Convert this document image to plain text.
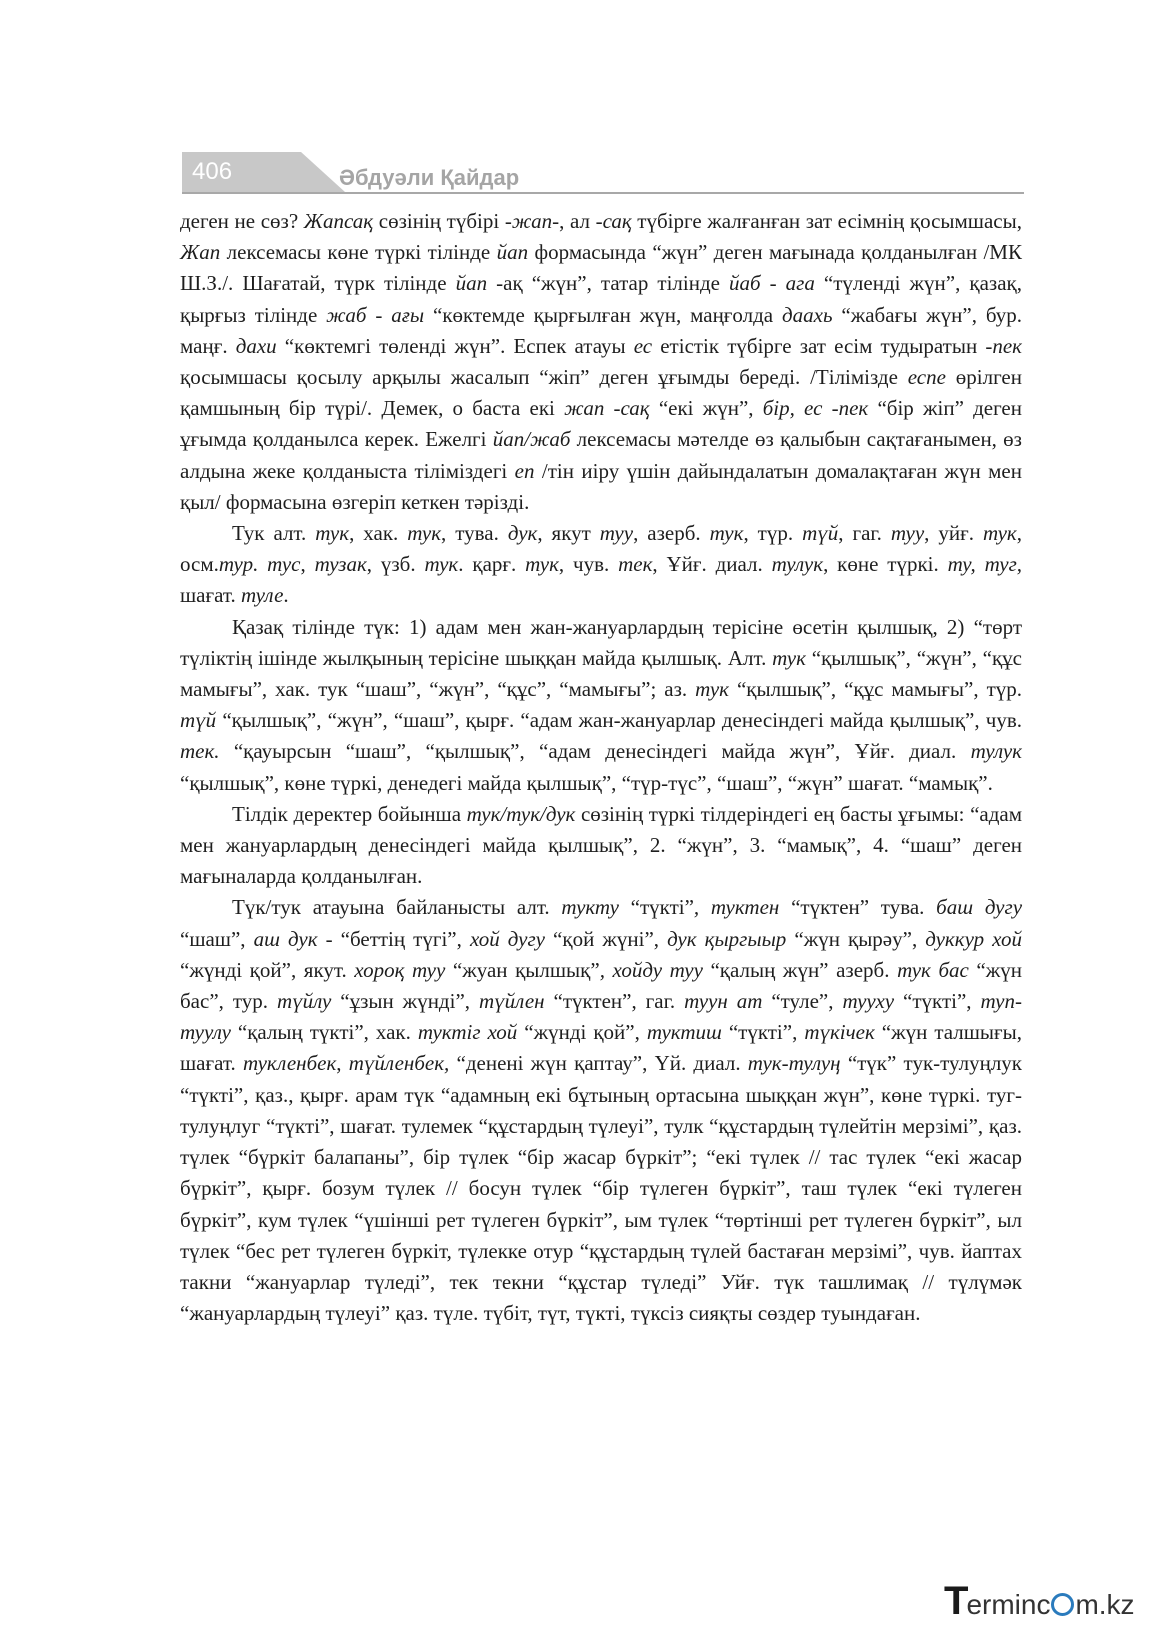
406	Әбдуәли Қайдар

деген не сөз? Жапсақ сөзінің түбірі -жап-, ал -сақ түбірге жалғанған зат есімнің қосымшасы, Жап лексемасы көне түркі тілінде йап формасында “жүн” деген мағынада қолданылған /МК Ш.З./. Шағатай, түрк тілінде йап -ақ “жүн”, татар тілінде йаб - ага “түленді жүн”, қазақ, қырғыз тілінде жаб - ағы “көктемде қырғылған жүн, маңғолда даахь “жабағы жүн”, бур. маңғ. дахи “көктемгі төленді жүн”. Еспек атауы ес етістік түбірге зат есім тудыратын -пек қосымшасы қосылу арқылы жасалып “жіп” деген ұғымды береді. /Тілімізде еспе өрілген қамшының бір түрі/. Демек, о баста екі жап -сақ “екі жүн”, бір, ес -пек “бір жіп” деген ұғымда қолданылса керек. Ежелгі йап/жаб лексемасы мәтелде өз қалыбын сақтағанымен, өз алдына жеке қолданыста тіліміздегі еп /тін иіру үшін дайындалатын домалақтаған жүн мен қыл/ формасына өзгеріп кеткен тәрізді.

Тук алт. тук, хак. тук, тува. дук, якут туу, азерб. тук, түр. түй, гаг. туу, уйғ. тук, осм.тур. тус, тузак, үзб. тук. қарғ. тук, чув. тек, Ұйғ. диал. тулук, көне түркі. ту, туг, шағат. туле.

Қазақ тілінде түк: 1) адам мен жан-жануарлардың терісіне өсетін қылшық, 2) “төрт түліктің ішінде жылқының терісіне шыққан майда қылшық. Алт. тук “қылшық”, “жүн”, “құс мамығы”, хак. тук “шаш”, “жүн”, “құс”, “мамығы”; аз. тук “қылшық”, “құс мамығы”, түр. түй “қылшық”, “жүн”, “шаш”, қырғ. “адам жан-жануарлар денесіндегі майда қылшық”, чув. тек. “қауырсын “шаш”, “қылшық”, “адам денесіндегі майда жүн”, Ұйғ. диал. тулук “қылшық”, көне түркі, денедегі майда қылшық”, “түр-түс”, “шаш”, “жүн” шағат. “мамық”.

Тілдік деректер бойынша тук/тук/дук сөзінің түркі тілдеріндегі ең басты ұғымы: “адам мен жануарлардың денесіндегі майда қылшық”, 2. “жүн”, 3. “мамық”, 4. “шаш” деген мағыналарда қолданылған.

Түк/тук атауына байланысты алт. тукту “түкті”, туктен “түктен” тува. баш дугу “шаш”, аш дук - “беттің түгі”, хой дугу “қой жүні”, дук қыргыыр “жүн қырәу”, дуккур хой “жүнді қой”, якут. хороқ туу “жуан қылшық”, хойду туу “қалың жүн” азерб. тук бас “жүн бас”, тур. түйлу “ұзын жүнді”, түйлен “түктен”, гаг. туун ат “туле”, тууху “түкті”, туп-туулу “қалың түкті”, хак. туктіг хой “жүнді қой”, туктиш “түкті”, түкічек “жүн талшығы, шағат. тукленбек, түйленбек, “денені жүн қаптау”, Үй. диал. тук-тулуң “түк” тук-тулуңлук “түкті”, қаз., қырғ. арам түк “адамның екі бұтының ортасына шыққан жүн”, көне түркі. туг-тулуңлуг “түкті”, шағат. тулемек “құстардың түлеуі”, тулк “құстардың түлейтін мерзімі”, қаз. түлек “бүркіт балапаны”, бір түлек “бір жасар бүркіт”; “екі түлек // тас түлек “екі жасар бүркіт”, қырғ. бозум түлек // босун түлек “бір түлеген бүркіт”, таш түлек “екі түлеген бүркіт”, кум түлек “үшінші рет түлеген бүркіт”, ым түлек “төртінші рет түлеген бүркіт”, ыл түлек “бес рет түлеген бүркіт, түлекке отур “құстардың түлей бастаған мерзімі”, чув. йаптах такни “жануарлар түледі”, тек текни “құстар түледі” Уйғ. түк ташлимақ // түлүмәк “жануарлардың түлеуі” қаз. түле. түбіт, түт, түкті, түксіз сияқты сөздер туындаған.

Terminc m.kz
